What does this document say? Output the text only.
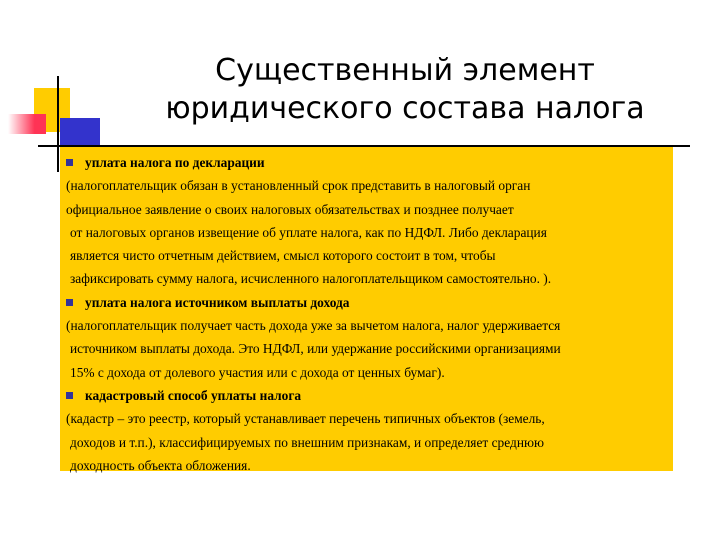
Существенный элемент
юридического состава налога
уплата налога по декларации
(налогоплательщик обязан в установленный срок представить в налоговый орган
официальное заявление о своих налоговых обязательствах и позднее получает
от налоговых органов извещение об уплате налога, как по НДФЛ. Либо декларация
является чисто отчетным действием, смысл которого состоит в том, чтобы
зафиксировать сумму налога, исчисленного налогоплательщиком самостоятельно. ).
уплата налога источником выплаты дохода
(налогоплательщик получает часть дохода уже за вычетом налога, налог удерживается
источником выплаты дохода. Это НДФЛ, или удержание российскими организациями
15% с дохода от долевого участия или с дохода от ценных бумаг).
кадастровый способ уплаты налога
(кадастр – это реестр, который устанавливает перечень типичных объектов (земель,
доходов и т.п.), классифицируемых по внешним признакам, и определяет среднюю
доходность объекта обложения.
